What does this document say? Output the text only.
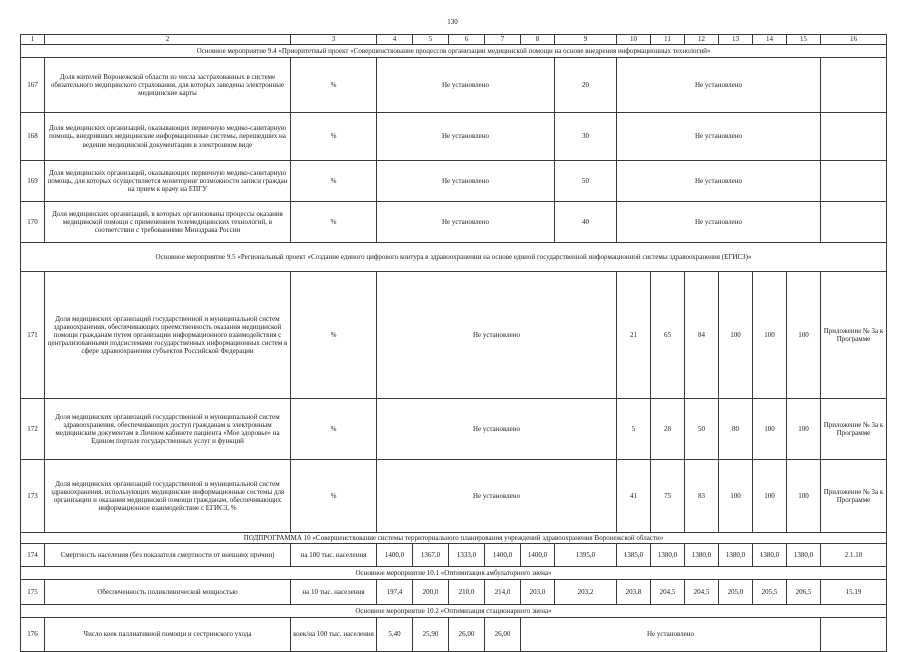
130
1	2	3	4	5	6	7	8	9	10	11	12	13	14	15	16
Основное мероприятие 9.4 «Приоритетный проект «Совершенствование процессов организации медицинской помощи на основе внедрения информационных технологий»															
167	Доля жителей Воронежской области из числа застрахованных в системе обязательного медицинского страхования, для которых заведены электронные медицинские карты	%	Не установлено					20	Не установлено						
168	Доля медицинских организаций, оказывающих первичную медико-санитарную помощь, внедривших медицинские информационные системы, перешедших на ведение медицинской документации в электронном виде	%	Не установлено					30	Не установлено						
169	Доля медицинских организаций, оказывающих первичную медико-санитарную помощь, для которых осуществляется мониторинг возможности записи граждан на прием к врачу на ЕПГУ	%	Не установлено					50	Не установлено						
170	Доля медицинских организаций, в которых организованы процессы оказания медицинской помощи с применением телемедицинских технологий, в соответствии с требованиями Минздрава России	%	Не установлено					40	Не установлено						
Основное мероприятие 9.5 «Региональный проект «Создание единого цифрового контура в здравоохранении на основе единой государственной информационной системы здравоохранения (ЕГИСЗ)»															
171	Доля медицинских организаций государственной и муниципальной систем здравоохранения, обеспечивающих преемственность оказания медицинской помощи гражданам путем организации информационного взаимодействия с централизованными подсистемами государственных информационных систем в сфере здравоохранения субъектов Российской Федерации	%	Не установлено						21	65	84	100	100	100	Приложение № 3а к Программе
172	Доля медицинских организаций государственной и муниципальной систем здравоохранения, обеспечивающих доступ гражданам к электронным медицинским документам в Личном кабинете пациента «Мое здоровье» на Едином портале государственных услуг и функций	%	Не установлено						5	28	50	80	100	100	Приложение № 3а к Программе
173	Доля медицинских организаций государственной и муниципальной систем здравоохранения, использующих медицинские информационные системы для организации и оказания медицинской помощи гражданам, обеспечивающих информационное взаимодействие с ЕГИСЗ, %	%	Не установлено						41	75	83	100	100	100	Приложение № 3а к Программе
ПОДПРОГРАММА 10 «Совершенствование системы территориального планирования учреждений здравоохранения Воронежской области»															
174	Смертность населения (без показателя смертности от внешних причин)	на 100 тыс. населения	1400,0	1367,0	1333,0	1400,0	1400,0	1395,0	1385,0	1380,0	1380,0	1380,0	1380,0	1380,0	2.1.10
Основное мероприятие 10.1 «Оптимизация амбулаторного звена»															
175	Обеспеченность поликлинической мощностью	на 10 тыс. населения	197,4	200,0	210,0	214,0	203,0	203,2	203,8	204,5	204,5	205,0	205,5	206,5	15.19
Основное мероприятие 10.2 «Оптимизация стационарного звена»															
176	Число коек паллиативной помощи и сестринского ухода	коек/на 100 тыс. населения	5,40	25,90	26,00	26,00	Не установлено								
